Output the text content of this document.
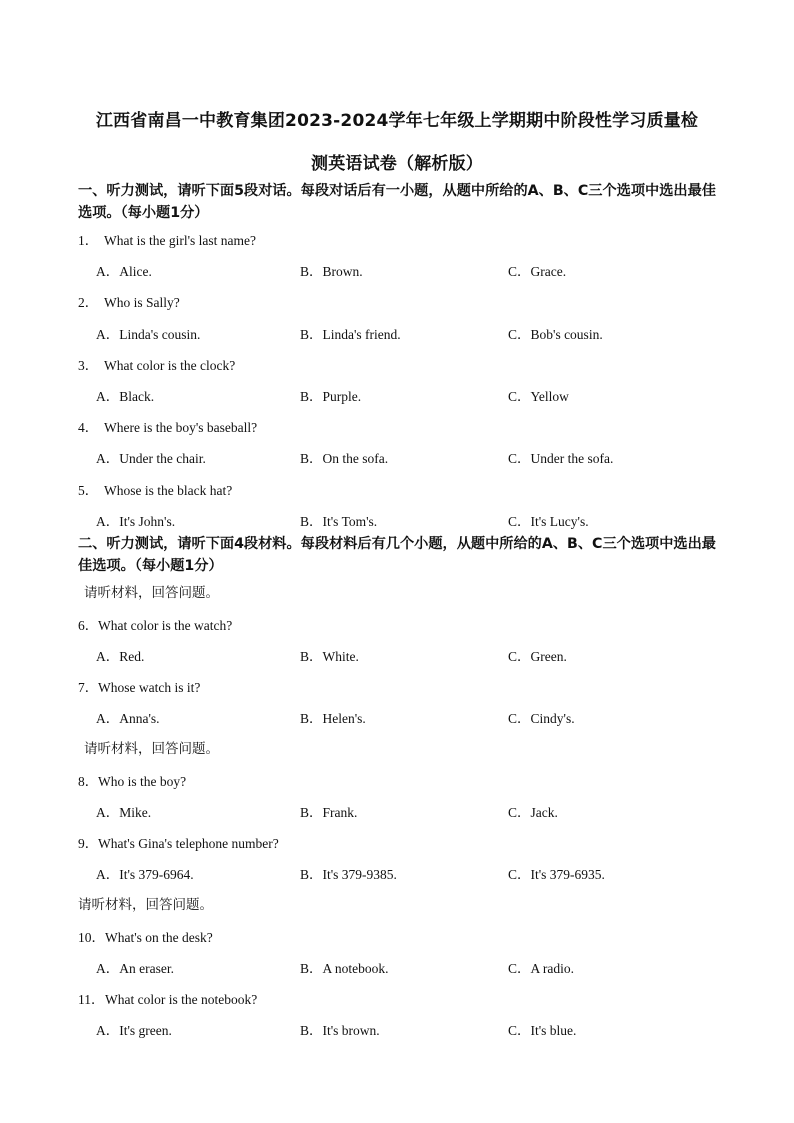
江西省南昌一中教育集团2023-2024学年七年级上学期期中阶段性学习质量检
测英语试卷（解析版）
一、听力测试，请听下面5段对话。每段对话后有一小题，从题中所给的A、B、C三个选项中选出最佳选项。（每小题1分）
1． What is the girl's last name?
A．Alice.	B．Brown.	C．Grace.
2． Who is Sally?
A．Linda's cousin.	B．Linda's friend.	C．Bob's cousin.
3． What color is the clock?
A．Black.	B．Purple.	C．Yellow
4． Where is the boy's baseball?
A．Under the chair.	B．On the sofa.	C．Under the sofa.
5． Whose is the black hat?
A．It's John's.	B．It's Tom's.	C．It's Lucy's.
二、听力测试，请听下面4段材料。每段材料后有几个小题，从题中所给的A、B、C三个选项中选出最佳选项。（每小题1分）
请听材料，回答问题。
6．What color is the watch?
A．Red.	B．White.	C．Green.
7．Whose watch is it?
A．Anna's.	B．Helen's.	C．Cindy's.
请听材料，回答问题。
8．Who is the boy?
A．Mike.	B．Frank.	C．Jack.
9．What's Gina's telephone number?
A．It's 379-6964.	B．It's 379-9385.	C．It's 379-6935.
请听材料，回答问题。
10．What's on the desk?
A．An eraser.	B．A notebook.	C．A radio.
11．What color is the notebook?
A．It's green.	B．It's brown.	C．It's blue.
